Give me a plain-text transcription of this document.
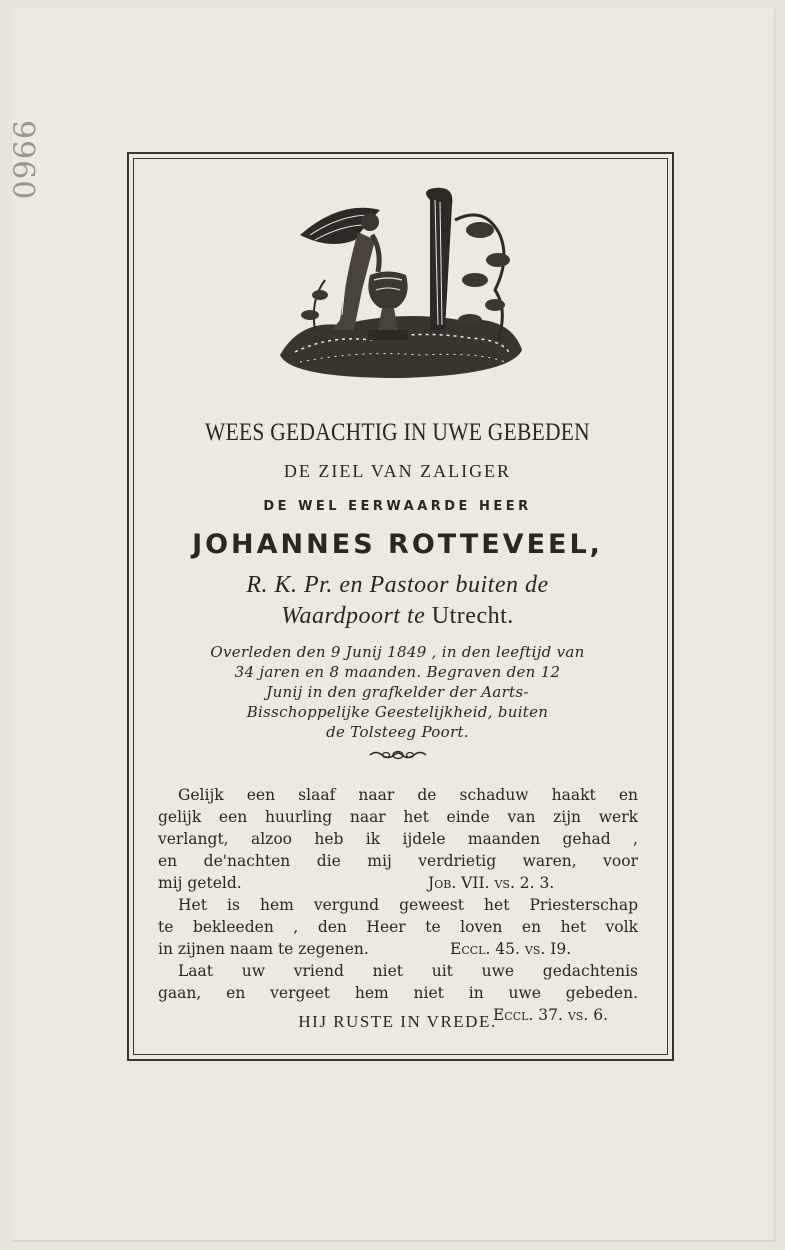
9960
WEES GEDACHTIG IN UWE GEBEDEN
DE ZIEL VAN ZALIGER
DE WEL EERWAARDE HEER
JOHANNES ROTTEVEEL,
R. K. Pr. en Pastoor buiten de
Waardpoort te Utrecht.
Overleden den 9 Junij 1849 , in den leeftijd van
34 jaren en 8 maanden. Begraven den 12
Junij in den grafkelder der Aarts-
Bisschoppelijke Geestelijkheid, buiten
de Tolsteeg Poort.
Gelijk een slaaf naar de schaduw haakt en
gelijk een huurling naar het einde van zijn werk
verlangt, alzoo heb ik ijdele maanden gehad ,
en de'nachten die mij verdrietig waren, voor
mij geteld.	Job. VII. vs. 2. 3.
Het is hem vergund geweest het Priesterschap
te bekleeden , den Heer te loven en het volk
in zijnen naam te zegenen.	Eccl. 45. vs. I9.
Laat uw vriend niet uit uwe gedachtenis
gaan, en vergeet hem niet in uwe gebeden.
Eccl. 37. vs. 6.
HIJ RUSTE IN VREDE.
